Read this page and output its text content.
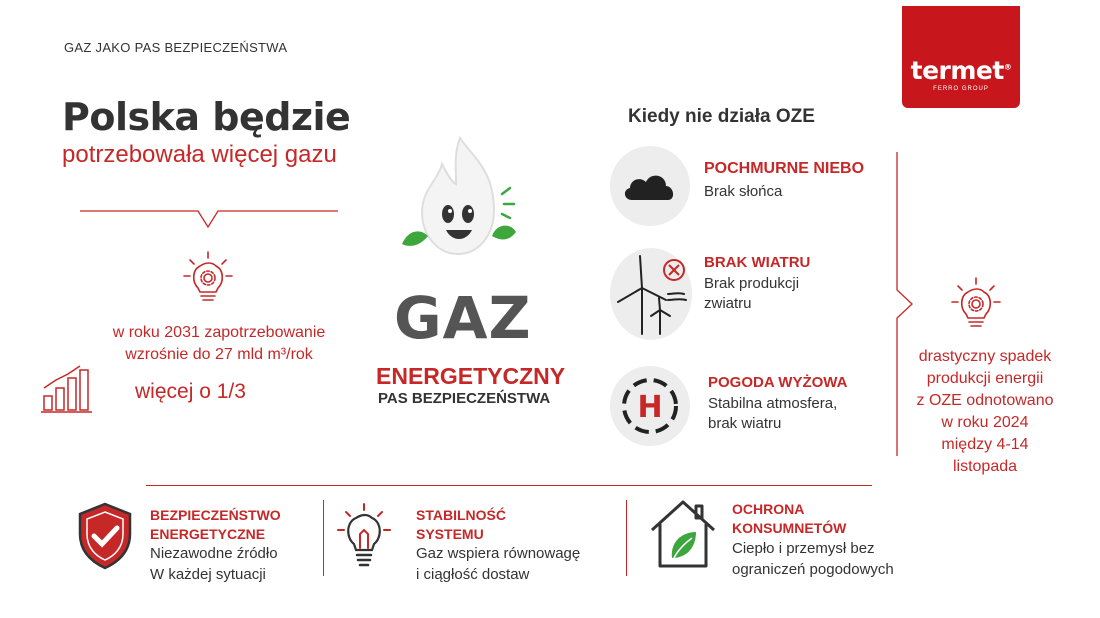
GAZ JAKO PAS BEZPIECZEŃSTWA
termet®
FERRO GROUP
Polska będzie
potrzebowała więcej gazu
w roku 2031 zapotrzebowanie
wzrośnie do 27 mld m³/rok
więcej o 1/3
GAZ
ENERGETYCZNY
PAS BEZPIECZEŃSTWA
Kiedy nie działa OZE
POCHMURNE NIEBO
Brak słońca
BRAK WIATRU
Brak produkcji
zwiatru
H
POGODA WYŻOWA
Stabilna atmosfera,
brak wiatru
drastyczny spadek
produkcji energii
z OZE odnotowano
w roku 2024
między 4-14
listopada
BEZPIECZEŃSTWO
ENERGETYCZNE
Niezawodne źródło
W każdej sytuacji
STABILNOŚĆ
SYSTEMU
Gaz wspiera równowagę
i ciągłość dostaw
OCHRONA
KONSUMNETÓW
Ciepło i przemysł bez
ograniczeń pogodowych
